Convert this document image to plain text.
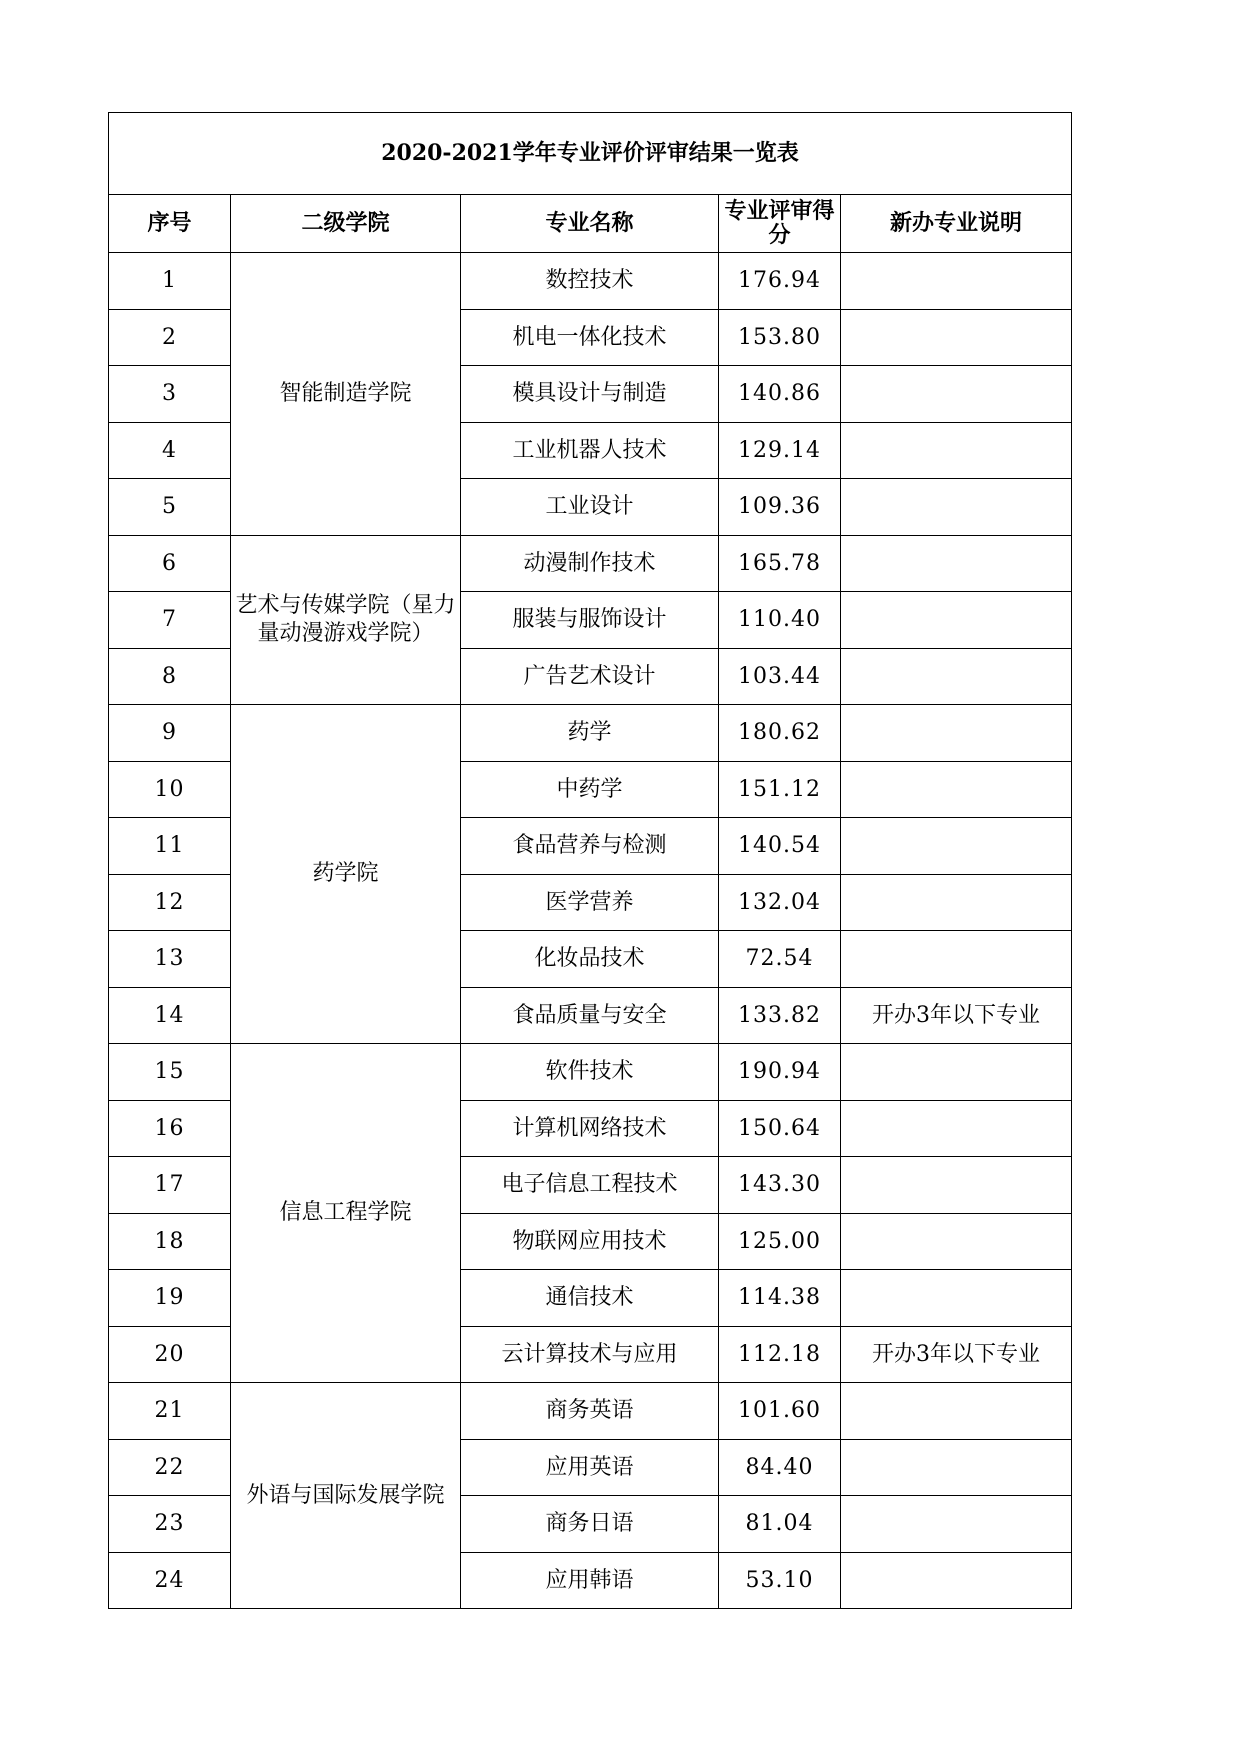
2020-2021学年专业评价评审结果一览表				
序号	二级学院	专业名称	专业评审得分	新办专业说明
1	智能制造学院	数控技术	176.94	
2		机电一体化技术	153.80	
3		模具设计与制造	140.86	
4		工业机器人技术	129.14	
5		工业设计	109.36	
6	艺术与传媒学院（星力量动漫游戏学院）	动漫制作技术	165.78	
7		服装与服饰设计	110.40	
8		广告艺术设计	103.44	
9	药学院	药学	180.62	
10		中药学	151.12	
11		食品营养与检测	140.54	
12		医学营养	132.04	
13		化妆品技术	72.54	
14		食品质量与安全	133.82	开办3年以下专业
15	信息工程学院	软件技术	190.94	
16		计算机网络技术	150.64	
17		电子信息工程技术	143.30	
18		物联网应用技术	125.00	
19		通信技术	114.38	
20		云计算技术与应用	112.18	开办3年以下专业
21	外语与国际发展学院	商务英语	101.60	
22		应用英语	84.40	
23		商务日语	81.04	
24		应用韩语	53.10	
